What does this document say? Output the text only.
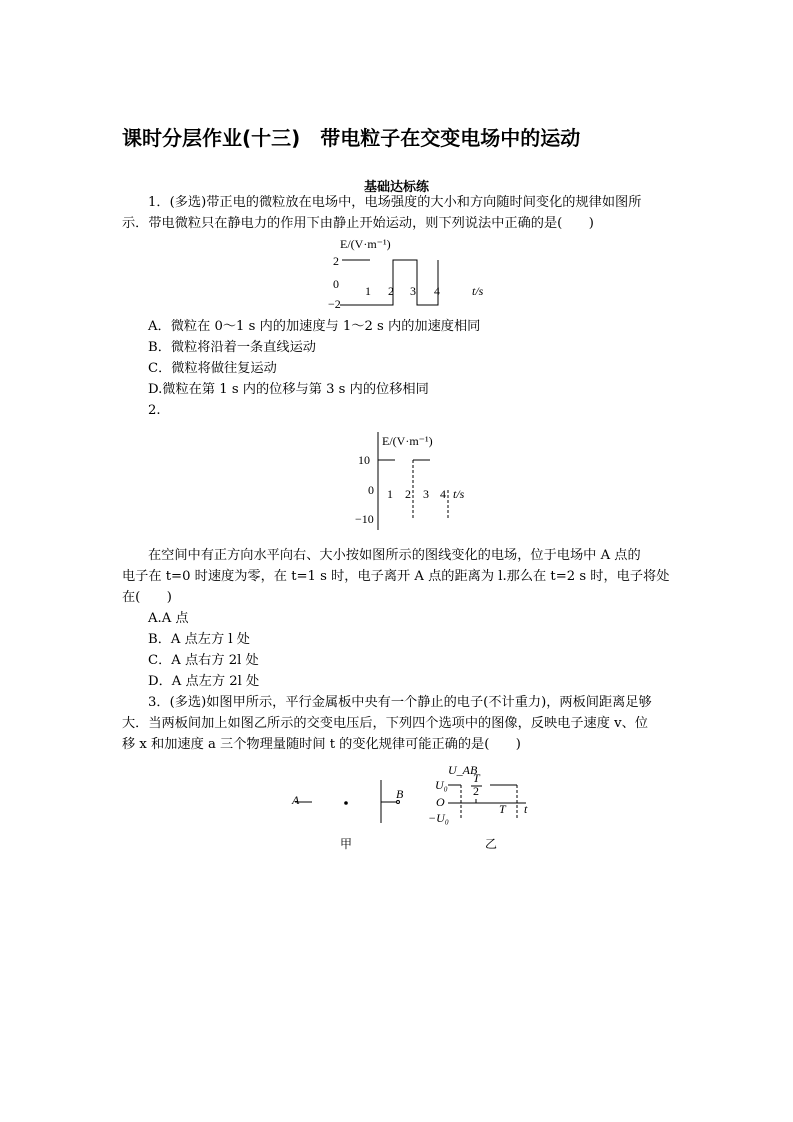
课时分层作业(十三)　带电粒子在交变电场中的运动
基础达标练
1．(多选)带正电的微粒放在电场中，电场强度的大小和方向随时间变化的规律如图所
示．带电微粒只在静电力的作用下由静止开始运动，则下列说法中正确的是(　　)
E/(V·m⁻¹)
2
0
−2
1 2 3 4	t/s
A．微粒在 0～1 s 内的加速度与 1～2 s 内的加速度相同
B．微粒将沿着一条直线运动
C．微粒将做往复运动
D.微粒在第 1 s 内的位移与第 3 s 内的位移相同
2.
E/(V·m⁻¹)
10
0
−10
1 2 3 4 t/s
在空间中有正方向水平向右、大小按如图所示的图线变化的电场，位于电场中 A 点的
电子在 t=0 时速度为零，在 t=1 s 时，电子离开 A 点的距离为 l.那么在 t=2 s 时，电子将处
在(　　)
A.A 点
B．A 点左方 l 处
C．A 点右方 2l 处
D．A 点左方 2l 处
3．(多选)如图甲所示，平行金属板中央有一个静止的电子(不计重力)，两板间距离足够
大．当两板间加上如图乙所示的交变电压后，下列四个选项中的图像，反映电子速度 v、位
移 x 和加速度 a 三个物理量随时间 t 的变化规律可能正确的是(　　)
A	B
甲
U_AB
U₀
−U₀
O
T
2
T t
乙
